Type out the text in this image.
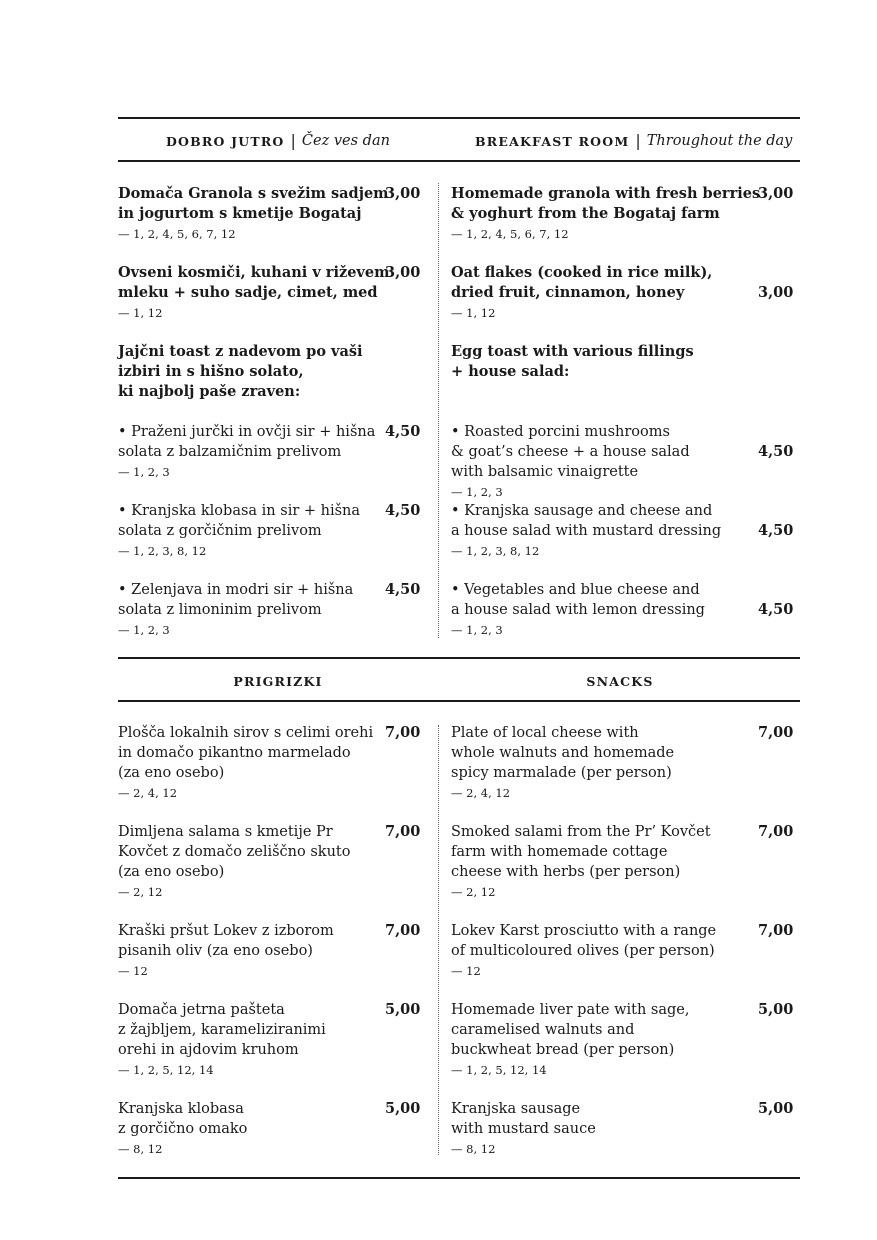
DOBRO JUTRO | Čez ves dan	BREAKFAST ROOM | Throughout the day
Domača Granola s svežim sadjem
in jogurtom s kmetije Bogataj
— 1, 2, 4, 5, 6, 7, 12
3,00
Ovseni kosmiči, kuhani v riževem
mleku + suho sadje, cimet, med
— 1, 12
3,00
Jajčni toast z nadevom po vaši
izbiri in s hišno solato,
ki najbolj paše zraven:
• Praženi jurčki in ovčji sir + hišna
solata z balzamičnim prelivom
— 1, 2, 3
4,50
• Kranjska klobasa in sir + hišna
solata z gorčičnim prelivom
— 1, 2, 3, 8, 12
4,50
• Zelenjava in modri sir + hišna
solata z limoninim prelivom
— 1, 2, 3
4,50
Homemade granola with fresh berries
& yoghurt from the Bogataj farm
— 1, 2, 4, 5, 6, 7, 12
3,00
Oat flakes (cooked in rice milk),
dried fruit, cinnamon, honey
— 1, 12
3,00
Egg toast with various fillings
+ house salad:
• Roasted porcini mushrooms
& goat’s cheese + a house salad
with balsamic vinaigrette
— 1, 2, 3
4,50
• Kranjska sausage and cheese and
a house salad with mustard dressing
— 1, 2, 3, 8, 12
4,50
• Vegetables and blue cheese and
a house salad with lemon dressing
— 1, 2, 3
4,50
PRIGRIZKI	SNACKS
Plošča lokalnih sirov s celimi orehi
in domačo pikantno marmelado
(za eno osebo)
— 2, 4, 12
7,00
Dimljena salama s kmetije Pr
Kovčet z domačo zeliščno skuto
(za eno osebo)
— 2, 12
7,00
Kraški pršut Lokev z izborom
pisanih oliv (za eno osebo)
— 12
7,00
Domača jetrna pašteta
z žajbljem, karameliziranimi
orehi in ajdovim kruhom
— 1, 2, 5, 12, 14
5,00
Kranjska klobasa
z gorčično omako
— 8, 12
5,00
Plate of local cheese with
whole walnuts and homemade
spicy marmalade (per person)
— 2, 4, 12
7,00
Smoked salami from the Pr’ Kovčet
farm with homemade cottage
cheese with herbs (per person)
— 2, 12
7,00
Lokev Karst prosciutto with a range
of multicoloured olives (per person)
— 12
7,00
Homemade liver pate with sage,
caramelised walnuts and
buckwheat bread (per person)
— 1, 2, 5, 12, 14
5,00
Kranjska sausage
with mustard sauce
— 8, 12
5,00
